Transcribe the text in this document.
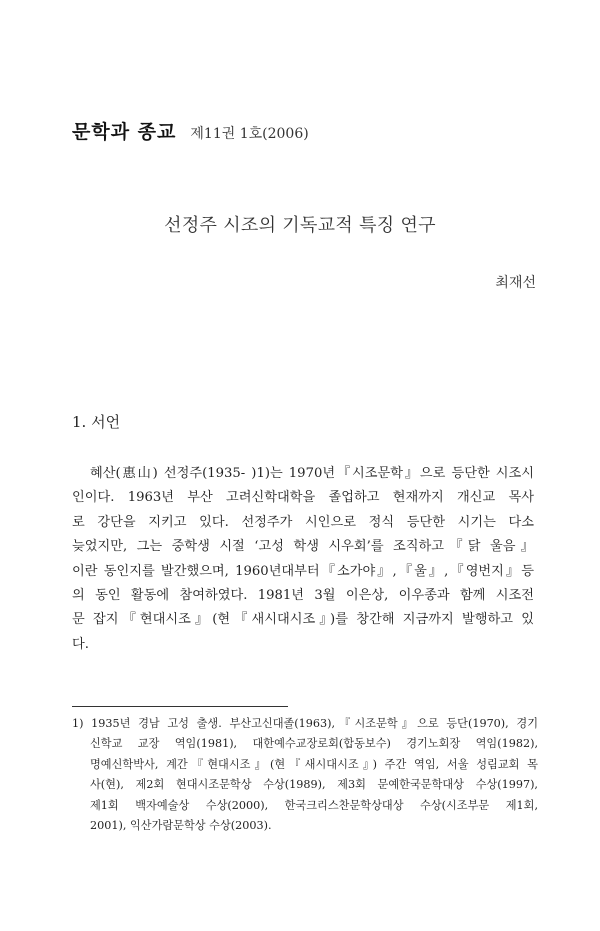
문학과 종교 제11권 1호(2006)
선정주 시조의 기독교적 특징 연구
최재선
1. 서언
혜산(惠山) 선정주(1935- )1)는 1970년『시조문학』으로 등단한 시조시
인이다. 1963년 부산 고려신학대학을 졸업하고 현재까지 개신교 목사
로 강단을 지키고 있다. 선정주가 시인으로 정식 등단한 시기는 다소
늦었지만, 그는 중학생 시절 ‘고성 학생 시우회’를 조직하고『닭 울음』
이란 동인지를 발간했으며, 1960년대부터『소가야』,『울』,『영번지』등
의 동인 활동에 참여하였다. 1981년 3월 이은상, 이우종과 함께 시조전
문 잡지『현대시조』(현『새시대시조』)를 창간해 지금까지 발행하고 있
다.
1) 1935년 경남 고성 출생. 부산고신대졸(1963),『시조문학』으로 등단(1970), 경기
신학교 교장 역임(1981), 대한예수교장로회(합동보수) 경기노회장 역임(1982),
명예신학박사, 계간『현대시조』(현『새시대시조』) 주간 역임, 서울 성림교회 목
사(현), 제2회 현대시조문학상 수상(1989), 제3회 문예한국문학대상 수상(1997),
제1회 백자예술상 수상(2000), 한국크리스찬문학상대상 수상(시조부문 제1회,
2001), 익산가람문학상 수상(2003).
